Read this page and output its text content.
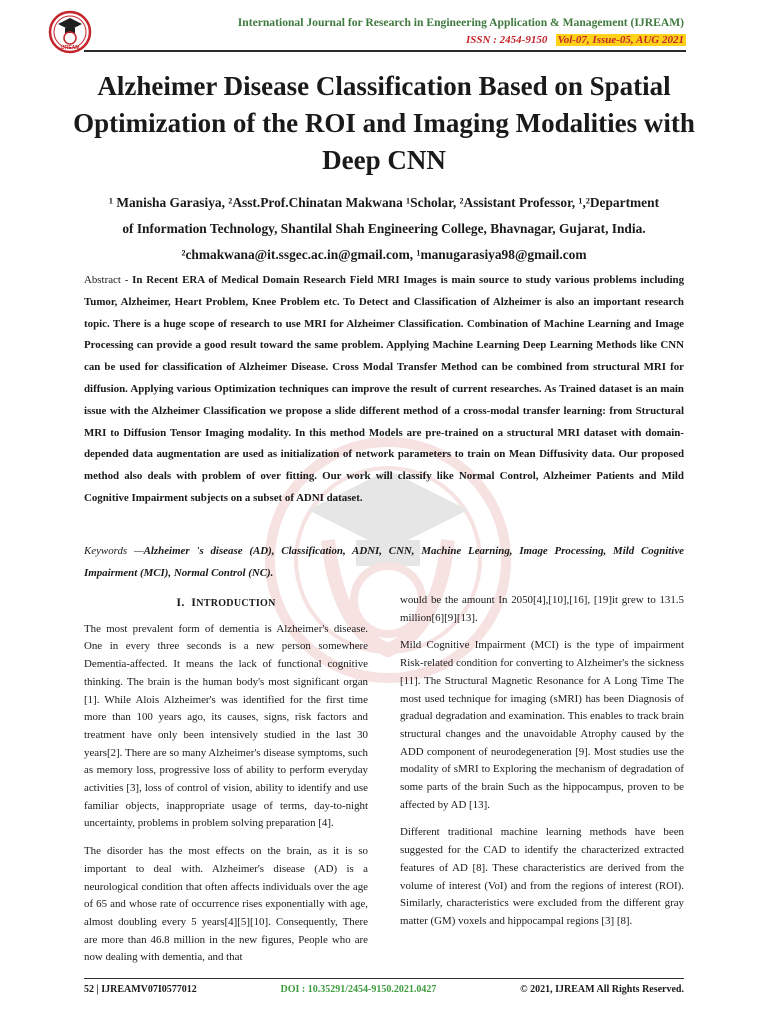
IJREAM
International Journal for Research in Engineering Application & Management (IJREAM)
ISSN : 2454-9150 Vol-07, Issue-05, AUG 2021
Alzheimer Disease Classification Based on Spatial Optimization of the ROI and Imaging Modalities with Deep CNN
¹ Manisha Garasiya, ²Asst.Prof.Chinatan Makwana ¹Scholar, ²Assistant Professor, ¹,²Department
of Information Technology, Shantilal Shah Engineering College, Bhavnagar, Gujarat, India.
²chmakwana@it.ssgec.ac.in@gmail.com, ¹manugarasiya98@gmail.com
Abstract - In Recent ERA of Medical Domain Research Field MRI Images is main source to study various problems including Tumor, Alzheimer, Heart Problem, Knee Problem etc. To Detect and Classification of Alzheimer is also an important research topic. There is a huge scope of research to use MRI for Alzheimer Classification. Combination of Machine Learning and Image Processing can provide a good result toward the same problem. Applying Machine Learning Deep Learning Methods like CNN can be used for classification of Alzheimer Disease. Cross Modal Transfer Method can be combined from structural MRI for diffusion. Applying various Optimization techniques can improve the result of current researches. As Trained dataset is an main issue with the Alzheimer Classification we propose a slide different method of a cross-modal transfer learning: from Structural MRI to Diffusion Tensor Imaging modality. In this method Models are pre-trained on a structural MRI dataset with domain-depended data augmentation are used as initialization of network parameters to train on Mean Diffusivity data. Our proposed method also deals with problem of over fitting. Our work will classify like Normal Control, Alzheimer Patients and Mild Cognitive Impairment subjects on a subset of ADNI dataset.
Keywords —Alzheimer 's disease (AD), Classification, ADNI, CNN, Machine Learning, Image Processing, Mild Cognitive Impairment (MCI), Normal Control (NC).
I. INTRODUCTION

The most prevalent form of dementia is Alzheimer's disease. One in every three seconds is a new person somewhere Dementia-affected. It means the lack of functional cognitive thinking. The brain is the human body's most significant organ [1]. While Alois Alzheimer's was identified for the first time more than 100 years ago, its causes, signs, risk factors and treatment have only been intensively studied in the last 30 years[2]. There are so many Alzheimer's disease symptoms, such as memory loss, progressive loss of ability to perform everyday activities [3], loss of control of vision, ability to identify and use familiar objects, inappropriate usage of terms, day-to-night uncertainty, problems in problem solving preparation [4].

The disorder has the most effects on the brain, as it is so important to deal with. Alzheimer's disease (AD) is a neurological condition that often affects individuals over the age of 65 and whose rate of occurrence rises exponentially with age, almost doubling every 5 years[4][5][10]. Consequently, There are more than 46.8 million in the new figures, People who are now dealing with dementia, and that

would be the amount In 2050[4],[10],[16], [19]it grew to 131.5 million[6][9][13].

Mild Cognitive Impairment (MCI) is the type of impairment Risk-related condition for converting to Alzheimer's the sickness [11]. The Structural Magnetic Resonance for A Long Time The most used technique for imaging (sMRI) has been Diagnosis of gradual degradation and examination. This enables to track brain structural changes and the unavoidable Atrophy caused by the ADD component of neurodegeneration [9]. Most studies use the modality of sMRI to Exploring the mechanism of degradation of some parts of the brain Such as the hippocampus, proven to be affected by AD [13].

Different traditional machine learning methods have been suggested for the CAD to identify the characterized extracted features of AD [8]. These characteristics are derived from the volume of interest (VoI) and from the regions of interest (ROI). Similarly, characteristics were excluded from the different gray matter (GM) voxels and hippocampal regions [3] [8].

52 | IJREAMV07I0577012	DOI : 10.35291/2454-9150.2021.0427	© 2021, IJREAM All Rights Reserved.
